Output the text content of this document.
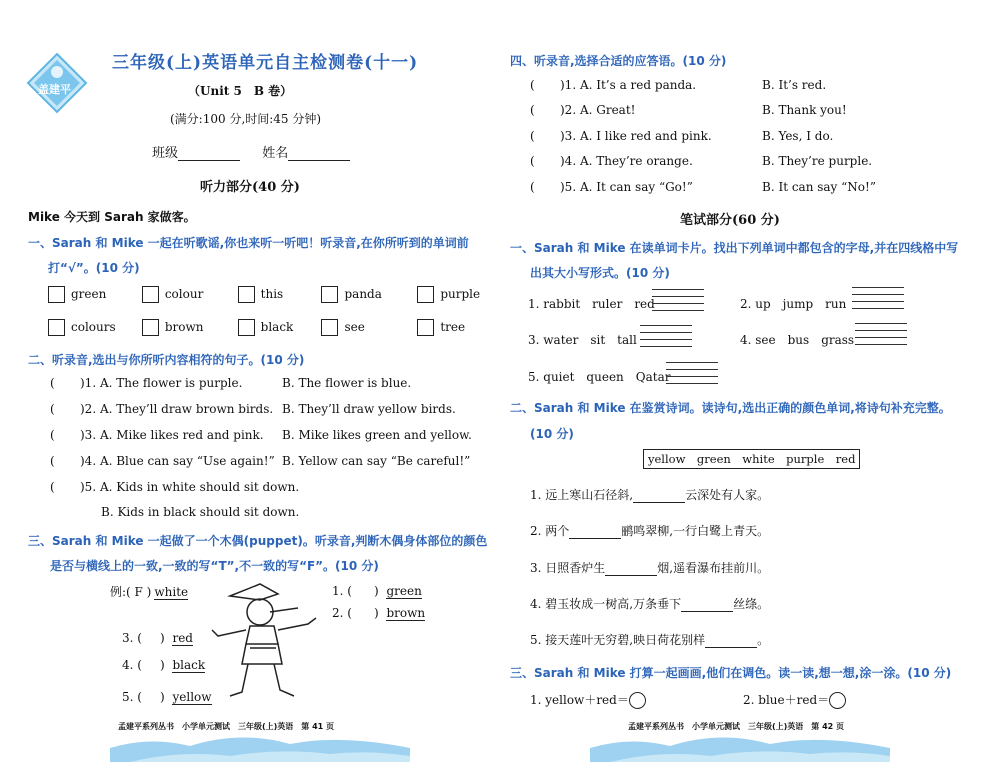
盖建平
三年级(上)英语单元自主检测卷(十一)
（Unit 5　B 卷）
(满分:100 分,时间:45 分钟)
班级	姓名
听力部分(40 分)
Mike 今天到 Sarah 家做客。
一、Sarah 和 Mike 一起在听歌谣,你也来听一听吧！听录音,在你所听到的单词前
打“√”。(10 分)
green	colour	this	panda	purple
colours	brown	black	see	tree
二、听录音,选出与你所听内容相符的句子。(10 分)
( )1. A. The flower is purple.	B. The flower is blue.
( )2. A. They’ll draw brown birds. B. They’ll draw yellow birds.
( )3. A. Mike likes red and pink. B. Mike likes green and yellow.
( )4. A. Blue can say “Use again!” B. Yellow can say “Be careful!”
( )5. A. Kids in white should sit down.
B. Kids in black should sit down.
三、Sarah 和 Mike 一起做了一个木偶(puppet)。听录音,判断木偶身体部位的颜色
是否与横线上的一致,一致的写“T”,不一致的写“F”。(10 分)
例:( F ) white	1. ( ) green
2. ( ) brown
3. ( ) red
4. ( ) black
5. ( ) yellow
孟建平系列丛书　小学单元测试　三年级(上)英语　第 41 页
四、听录音,选择合适的应答语。(10 分)
( )1. A. It’s a red panda.	B. It’s red.
( )2. A. Great!	B. Thank you!
( )3. A. I like red and pink.	B. Yes, I do.
( )4. A. They’re orange.	B. They’re purple.
( )5. A. It can say “Go!”	B. It can say “No!”
笔试部分(60 分)
一、Sarah 和 Mike 在读单词卡片。找出下列单词中都包含的字母,并在四线格中写
出其大小写形式。(10 分)
1. rabbit　ruler　red	2. up　jump　run
3. water　sit　tall	4. see　bus　grass
5. quiet　queen　Qatar
二、Sarah 和 Mike 在鉴赏诗词。读诗句,选出正确的颜色单词,将诗句补充完整。
(10 分)
yellow　green　white　purple　red
1. 远上寒山石径斜,	云深处有人家。
2. 两个	鹂鸣翠柳,一行白鹭上青天。
3. 日照香炉生	烟,遥看瀑布挂前川。
4. 碧玉妆成一树高,万条垂下	丝绦。
5. 接天莲叶无穷碧,映日荷花别样	。
三、Sarah 和 Mike 打算一起画画,他们在调色。读一读,想一想,涂一涂。(10 分)
1. yellow＋red＝	2. blue＋red＝
孟建平系列丛书　小学单元测试　三年级(上)英语　第 42 页
